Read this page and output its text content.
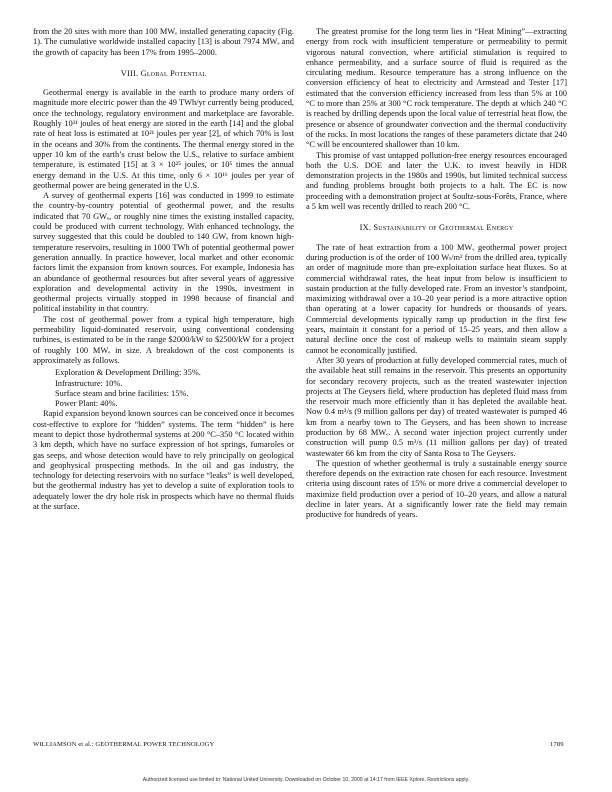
from the 20 sites with more than 100 MWₑ installed generating capacity (Fig. 1). The cumulative worldwide installed capacity [13] is about 7974 MWₑ and the growth of capacity has been 17% from 1995–2000.

VIII. Global Potential

Geothermal energy is available in the earth to produce many orders of magnitude more electric power than the 49 TWh/yr currently being produced, once the technology, regulatory environment and marketplace are favorable. Roughly 10³¹ joules of heat energy are stored in the earth [14] and the global rate of heat loss is estimated at 10²¹ joules per year [2], of which 70% is lost in the oceans and 30% from the continents. The thermal energy stored in the upper 10 km of the earth’s crust below the U.S., relative to surface ambient temperature, is estimated [15] at 3 × 10²⁵ joules, or 10⁵ times the annual energy demand in the U.S. At this time, only 6 × 10¹⁶ joules per year of geothermal power are being generated in the U.S.

A survey of geothermal experts [16] was conducted in 1999 to estimate the country-by-country potential of geothermal power, and the results indicated that 70 GWₑ, or roughly nine times the existing installed capacity, could be produced with current technology. With enhanced technology, the survey suggested that this could be doubled to 140 GWₑ from known high-temperature reservoirs, resulting in 1000 TWh of potential geothermal power generation annually. In practice however, local market and other economic factors limit the expansion from known sources. For example, Indonesia has an abundance of geothermal resources but after several years of aggressive exploration and developmental activity in the 1990s, investment in geothermal projects virtually stopped in 1998 because of financial and political instability in that country.

The cost of geothermal power from a typical high temperature, high permeability liquid-dominated reservoir, using conventional condensing turbines, is estimated to be in the range $2000/kW to $2500/kW for a project of roughly 100 MWₑ in size. A breakdown of the cost components is approximately as follows.

Exploration & Development Drilling: 35%.
Infrastructure: 10%.
Surface steam and brine facilities: 15%.
Power Plant: 40%.

Rapid expansion beyond known sources can be conceived once it becomes cost-effective to explore for “hidden” systems. The term “hidden” is here meant to depict those hydrothermal systems at 200 °C–350 °C located within 3 km depth, which have no surface expression of hot springs, fumaroles or gas seeps, and whose detection would have to rely principally on geological and geophysical prospecting methods. In the oil and gas industry, the technology for detecting reservoirs with no surface “leaks” is well developed, but the geothermal industry has yet to develop a suite of exploration tools to adequately lower the dry hole risk in prospects which have no thermal fluids at the surface.

The greatest promise for the long term lies in “Heat Mining”—extracting energy from rock with insufficient temperature or permeability to permit vigorous natural convection, where artificial stimulation is required to enhance permeability, and a surface source of fluid is required as the circulating medium. Resource temperature has a strong influence on the conversion efficiency of heat to electricity and Armstead and Tester [17] estimated that the conversion efficiency increased from less than 5% at 100 °C to more than 25% at 300 °C rock temperature. The depth at which 240 °C is reached by drilling depends upon the local value of terrestrial heat flow, the presence or absence of groundwater convection and the thermal conductivity of the rocks. In most locations the ranges of these parameters dictate that 240 °C will be encountered shallower than 10 km.

This promise of vast untapped pollution-free energy resources encouraged both the U.S. DOE and later the U.K. to invest heavily in HDR demonstration projects in the 1980s and 1990s, but limited technical success and funding problems brought both projects to a halt. The EC is now proceeding with a demonstration project at Soultz-sous-Forêts, France, where a 5 km well was recently drilled to reach 200 °C.

IX. Sustainability of Geothermal Energy

The rate of heat extraction from a 100 MWₑ geothermal power project during production is of the order of 100 Wₜ/m² from the drilled area, typically an order of magnitude more than pre-exploitation surface heat fluxes. So at commercial withdrawal rates, the heat input from below is insufficient to sustain production at the fully developed rate. From an investor’s standpoint, maximizing withdrawal over a 10–20 year period is a more attractive option than operating at a lower capacity for hundreds or thousands of years. Commercial developments typically ramp up production in the first few years, maintain it constant for a period of 15–25 years, and then allow a natural decline once the cost of makeup wells to maintain steam supply cannot be economically justified.

After 30 years of production at fully developed commercial rates, much of the available heat still remains in the reservoir. This presents an opportunity for secondary recovery projects, such as the treated wastewater injection projects at The Geysers field, where production has depleted fluid mass from the reservoir much more efficiently than it has depleted the available heat. Now 0.4 m³/s (9 million gallons per day) of treated wastewater is pumped 46 km from a nearby town to The Geysers, and has been shown to increase production by 68 MWₑ. A second water injection project currently under construction will pump 0.5 m³/s (11 million gallons per day) of treated wastewater 66 km from the city of Santa Rosa to The Geysers.

The question of whether geothermal is truly a sustainable energy source therefore depends on the extraction rate chosen for each resource. Investment criteria using discount rates of 15% or more drive a commercial developer to maximize field production over a period of 10–20 years, and allow a natural decline in later years. At a significantly lower rate the field may remain productive for hundreds of years.

WILLIAMSON et al.: GEOTHERMAL POWER TECHNOLOGY	1789
Authorized licensed use limited to: National United University. Downloaded on October 10, 2009 at 14:17 from IEEE Xplore. Restrictions apply.
